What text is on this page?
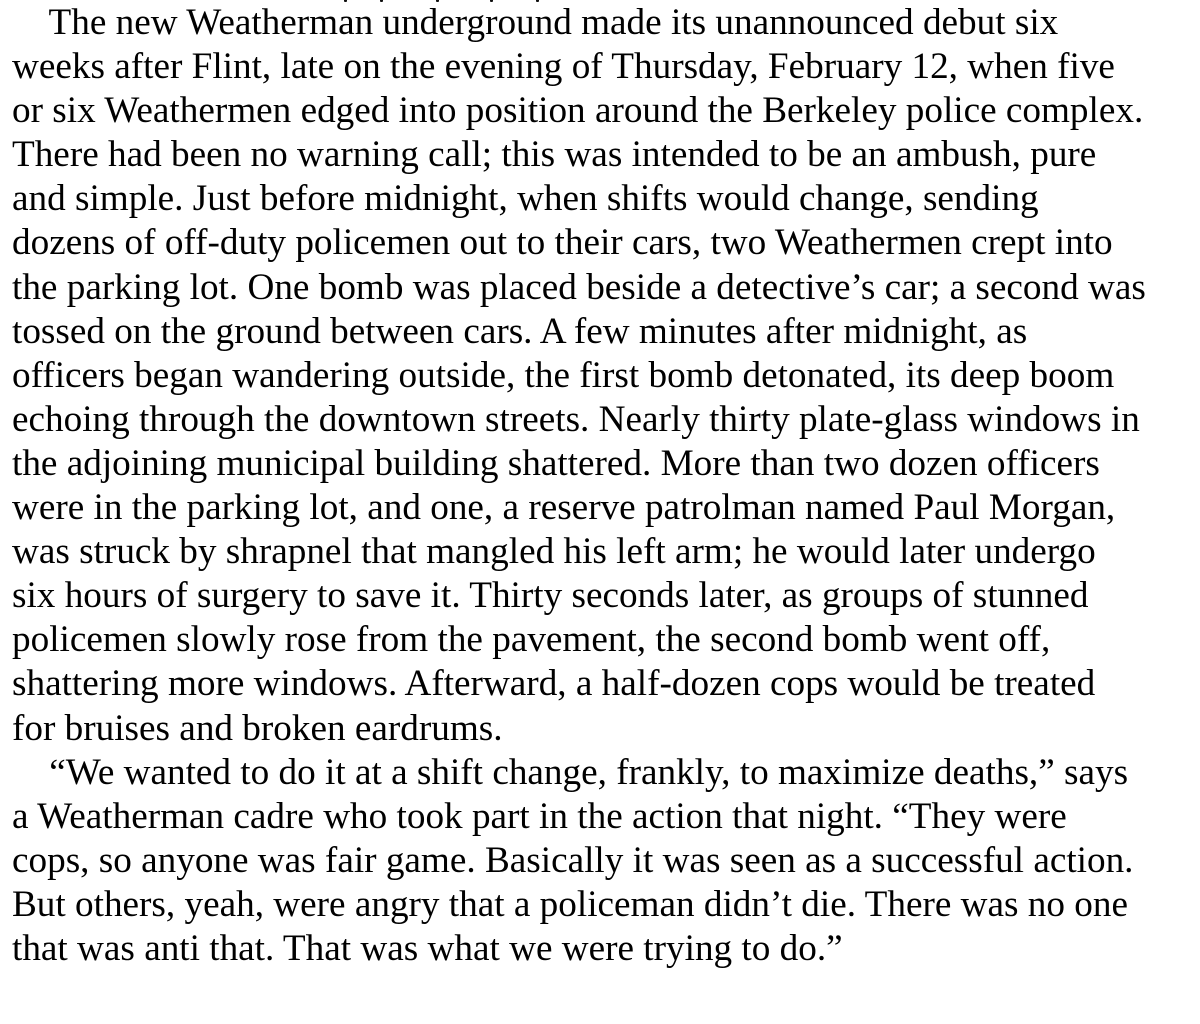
The new Weatherman underground made its unannounced debut six
weeks after Flint, late on the evening of Thursday, February 12, when five
or six Weathermen edged into position around the Berkeley police complex.
There had been no warning call; this was intended to be an ambush, pure
and simple. Just before midnight, when shifts would change, sending
dozens of off-duty policemen out to their cars, two Weathermen crept into
the parking lot. One bomb was placed beside a detective’s car; a second was
tossed on the ground between cars. A few minutes after midnight, as
officers began wandering outside, the first bomb detonated, its deep boom
echoing through the downtown streets. Nearly thirty plate-glass windows in
the adjoining municipal building shattered. More than two dozen officers
were in the parking lot, and one, a reserve patrolman named Paul Morgan,
was struck by shrapnel that mangled his left arm; he would later undergo
six hours of surgery to save it. Thirty seconds later, as groups of stunned
policemen slowly rose from the pavement, the second bomb went off,
shattering more windows. Afterward, a half-dozen cops would be treated
for bruises and broken eardrums.
“We wanted to do it at a shift change, frankly, to maximize deaths,” says
a Weatherman cadre who took part in the action that night. “They were
cops, so anyone was fair game. Basically it was seen as a successful action.
But others, yeah, were angry that a policeman didn’t die. There was no one
that was anti that. That was what we were trying to do.”
